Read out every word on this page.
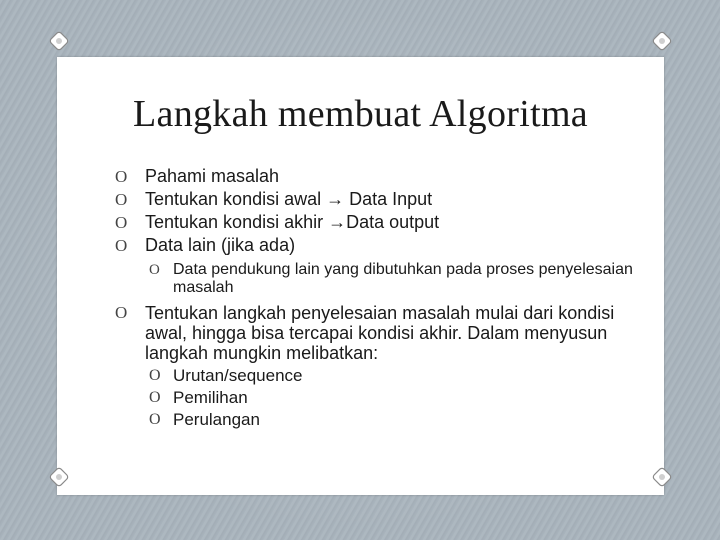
Langkah membuat Algoritma
O Pahami masalah
O Tentukan kondisi awal → Data Input
O Tentukan kondisi akhir →Data output
O Data lain (jika ada)
O Data pendukung lain yang dibutuhkan pada proses penyelesaian masalah
O Tentukan langkah penyelesaian masalah mulai dari kondisi awal, hingga bisa tercapai kondisi akhir. Dalam menyusun langkah mungkin melibatkan:
O Urutan/sequence
O Pemilihan
O Perulangan
